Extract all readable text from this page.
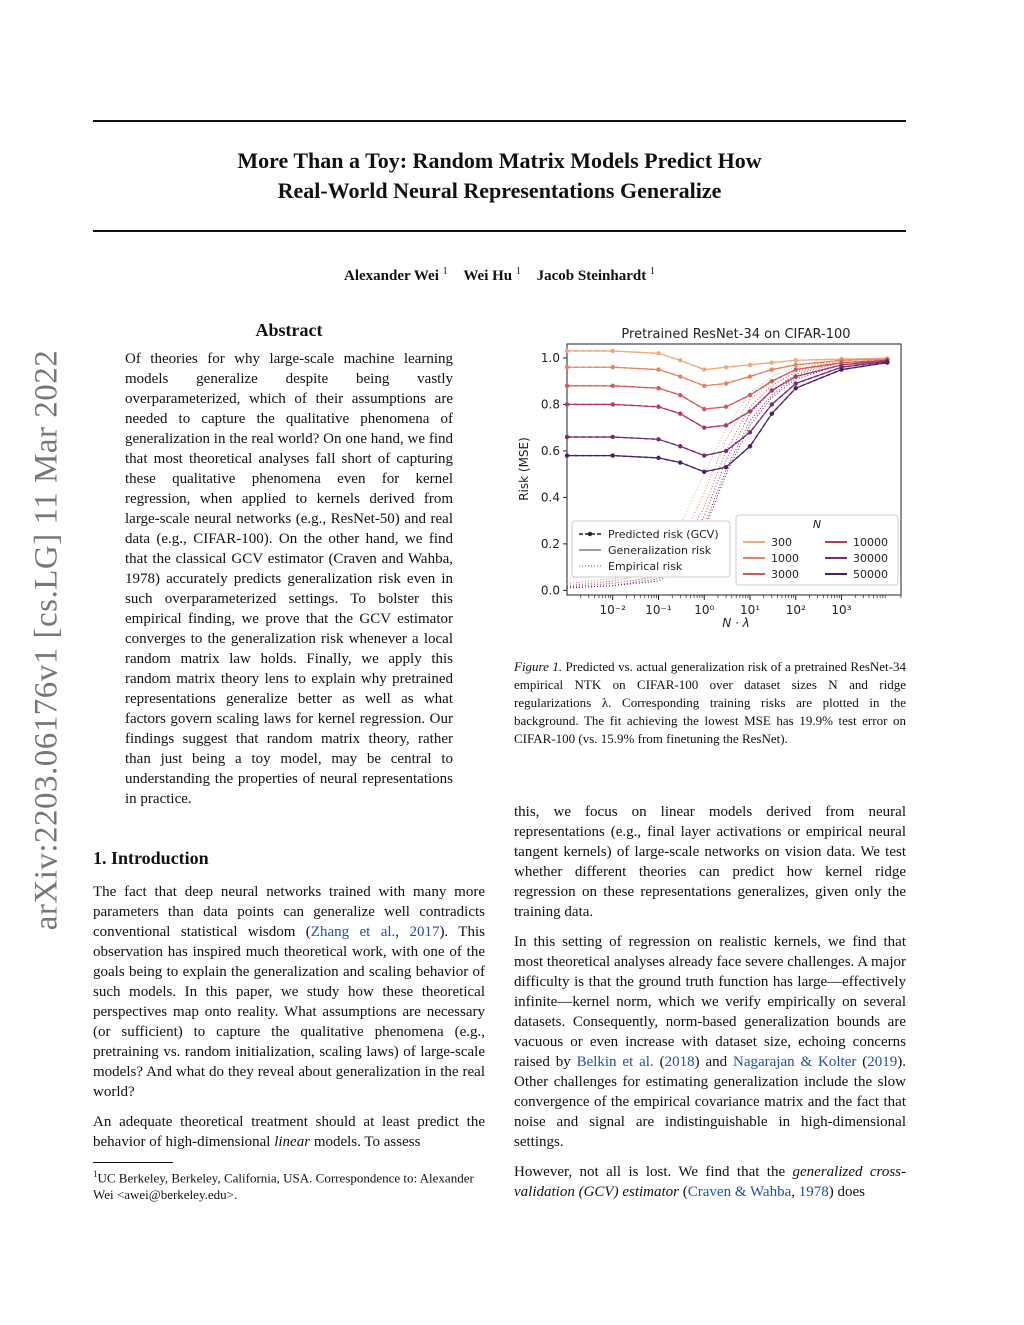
More Than a Toy: Random Matrix Models Predict How
Real-World Neural Representations Generalize
Alexander Wei $^1$ Wei Hu $^1$ Jacob Steinhardt $^1$
arXiv:2203.06176v1 [cs.LG] 11 Mar 2022
Abstract
Of theories for why large-scale machine learning models generalize despite being vastly overparameterized, which of their assumptions are needed to capture the qualitative phenomena of generalization in the real world? On one hand, we find that most theoretical analyses fall short of capturing these qualitative phenomena even for kernel regression, when applied to kernels derived from large-scale neural networks (e.g., ResNet-50) and real data (e.g., CIFAR-100). On the other hand, we find that the classical GCV estimator (Craven and Wahba, 1978) accurately predicts generalization risk even in such overparameterized settings. To bolster this empirical finding, we prove that the GCV estimator converges to the generalization risk whenever a local random matrix law holds. Finally, we apply this random matrix theory lens to explain why pretrained representations generalize better as well as what factors govern scaling laws for kernel regression. Our findings suggest that random matrix theory, rather than just being a toy model, may be central to understanding the properties of neural representations in practice.
1. Introduction

The fact that deep neural networks trained with many more parameters than data points can generalize well contradicts conventional statistical wisdom (Zhang et al., 2017). This observation has inspired much theoretical work, with one of the goals being to explain the generalization and scaling behavior of such models. In this paper, we study how these theoretical perspectives map onto reality. What assumptions are necessary (or sufficient) to capture the qualitative phenomena (e.g., pretraining vs. random initialization, scaling laws) of large-scale models? And what do they reveal about generalization in the real world?

An adequate theoretical treatment should at least predict the behavior of high-dimensional linear models. To assess

$^1$UC Berkeley, Berkeley, California, USA. Correspondence to: Alexander Wei <awei@berkeley.edu>.
Pretrained ResNet-34 on CIFAR-100
0.0
0.2
0.4
0.6
0.8
1.0
10⁻² 10⁻¹ 10⁰ 10¹ 10² 10³
Risk (MSE)
N · λ
Predicted risk (GCV)
Generalization risk
Empirical risk
N
300
1000
3000
10000
30000
50000
Figure 1. Predicted vs. actual generalization risk of a pretrained ResNet-34 empirical NTK on CIFAR-100 over dataset sizes N and ridge regularizations λ. Corresponding training risks are plotted in the background. The fit achieving the lowest MSE has 19.9% test error on CIFAR-100 (vs. 15.9% from finetuning the ResNet).

this, we focus on linear models derived from neural representations (e.g., final layer activations or empirical neural tangent kernels) of large-scale networks on vision data. We test whether different theories can predict how kernel ridge regression on these representations generalizes, given only the training data.

In this setting of regression on realistic kernels, we find that most theoretical analyses already face severe challenges. A major difficulty is that the ground truth function has large—effectively infinite—kernel norm, which we verify empirically on several datasets. Consequently, norm-based generalization bounds are vacuous or even increase with dataset size, echoing concerns raised by Belkin et al. (2018) and Nagarajan & Kolter (2019). Other challenges for estimating generalization include the slow convergence of the empirical covariance matrix and the fact that noise and signal are indistinguishable in high-dimensional settings.

However, not all is lost. We find that the generalized cross-validation (GCV) estimator (Craven & Wahba, 1978) does
